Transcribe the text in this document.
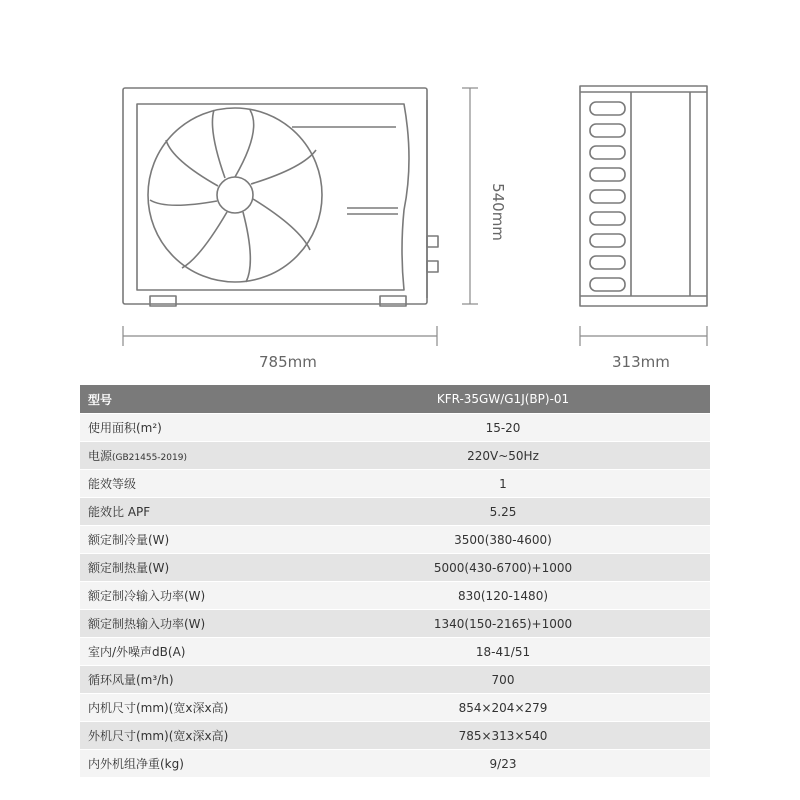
785mm
540mm
313mm
型号	KFR-35GW/G1J(BP)-01
使用面积(m²)	15-20
电源(GB21455-2019)	220V~50Hz
能效等级	1
能效比 APF	5.25
额定制冷量(W)	3500(380-4600)
额定制热量(W)	5000(430-6700)+1000
额定制冷输入功率(W)	830(120-1480)
额定制热输入功率(W)	1340(150-2165)+1000
室内/外噪声dB(A)	18-41/51
循环风量(m³/h)	700
内机尺寸(mm)(宽x深x高)	854×204×279
外机尺寸(mm)(宽x深x高)	785×313×540
内外机组净重(kg)	9/23
